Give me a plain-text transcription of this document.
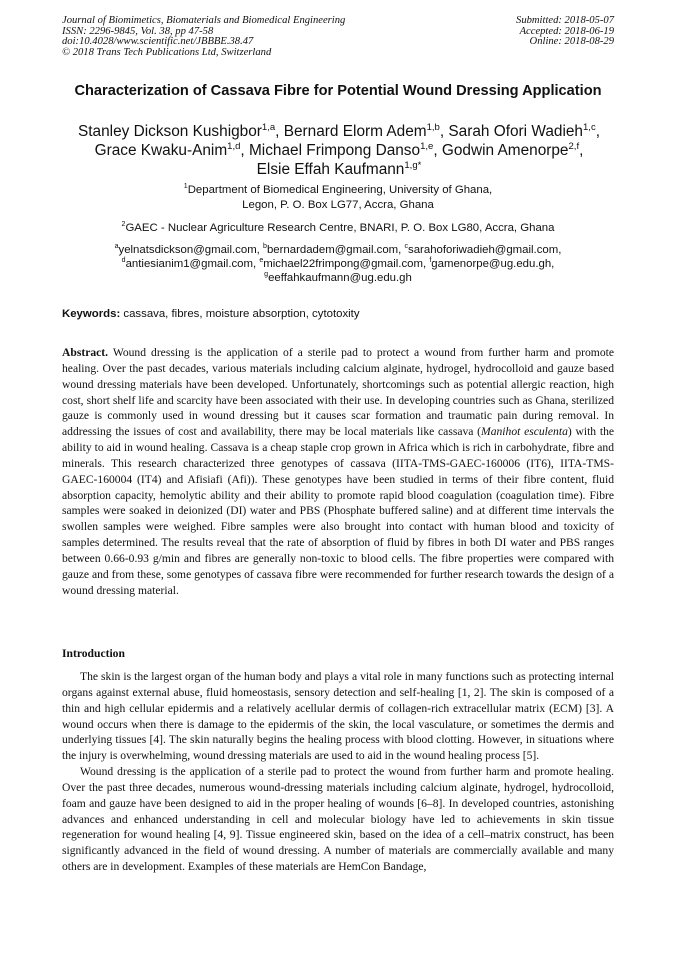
Journal of Biomimetics, Biomaterials and Biomedical Engineering
ISSN: 2296-9845, Vol. 38, pp 47-58
doi:10.4028/www.scientific.net/JBBBE.38.47
© 2018 Trans Tech Publications Ltd, Switzerland
Submitted: 2018-05-07
Accepted: 2018-06-19
Online: 2018-08-29
Characterization of Cassava Fibre for Potential Wound Dressing Application
Stanley Dickson Kushigbor$^{1,a}$, Bernard Elorm Adem$^{1,b}$, Sarah Ofori Wadieh$^{1,c}$,
Grace Kwaku-Anim$^{1,d}$, Michael Frimpong Danso$^{1,e}$, Godwin Amenorpe$^{2,f}$,
Elsie Effah Kaufmann$^{1,g*}$
$^1$Department of Biomedical Engineering, University of Ghana,
Legon, P. O. Box LG77, Accra, Ghana
$^2$GAEC - Nuclear Agriculture Research Centre, BNARI, P. O. Box LG80, Accra, Ghana
$^a$yelnatsdickson@gmail.com, $^b$bernardadem@gmail.com, $^c$sarahoforiwadieh@gmail.com,
$^d$antiesianim1@gmail.com, $^e$michael22frimpong@gmail.com, $^f$gamenorpe@ug.edu.gh,
$^g$eeffahkaufmann@ug.edu.gh
Keywords: cassava, fibres, moisture absorption, cytotoxity
Abstract. Wound dressing is the application of a sterile pad to protect a wound from further harm and promote healing. Over the past decades, various materials including calcium alginate, hydrogel, hydrocolloid and gauze based wound dressing materials have been developed. Unfortunately, shortcomings such as potential allergic reaction, high cost, short shelf life and scarcity have been associated with their use. In developing countries such as Ghana, sterilized gauze is commonly used in wound dressing but it causes scar formation and traumatic pain during removal. In addressing the issues of cost and availability, there may be local materials like cassava (Manihot esculenta) with the ability to aid in wound healing. Cassava is a cheap staple crop grown in Africa which is rich in carbohydrate, fibre and minerals. This research characterized three genotypes of cassava (IITA-TMS-GAEC-160006 (IT6), IITA-TMS-GAEC-160004 (IT4) and Afisiafi (Afi)). These genotypes have been studied in terms of their fibre content, fluid absorption capacity, hemolytic ability and their ability to promote rapid blood coagulation (coagulation time). Fibre samples were soaked in deionized (DI) water and PBS (Phosphate buffered saline) and at different time intervals the swollen samples were weighed. Fibre samples were also brought into contact with human blood and toxicity of samples determined. The results reveal that the rate of absorption of fluid by fibres in both DI water and PBS ranges between 0.66-0.93 g/min and fibres are generally non-toxic to blood cells. The fibre properties were compared with gauze and from these, some genotypes of cassava fibre were recommended for further research towards the design of a wound dressing material.
Introduction

The skin is the largest organ of the human body and plays a vital role in many functions such as protecting internal organs against external abuse, fluid homeostasis, sensory detection and self-healing [1, 2]. The skin is composed of a thin and high cellular epidermis and a relatively acellular dermis of collagen-rich extracellular matrix (ECM) [3]. A wound occurs when there is damage to the epidermis of the skin, the local vasculature, or sometimes the dermis and underlying tissues [4]. The skin naturally begins the healing process with blood clotting. However, in situations where the injury is overwhelming, wound dressing materials are used to aid in the wound healing process [5].

Wound dressing is the application of a sterile pad to protect the wound from further harm and promote healing. Over the past three decades, numerous wound-dressing materials including calcium alginate, hydrogel, hydrocolloid, foam and gauze have been designed to aid in the proper healing of wounds [6–8]. In developed countries, astonishing advances and enhanced understanding in cell and molecular biology have led to achievements in skin tissue regeneration for wound healing [4, 9]. Tissue engineered skin, based on the idea of a cell–matrix construct, has been significantly advanced in the field of wound dressing. A number of materials are commercially available and many others are in development. Examples of these materials are HemCon Bandage,
